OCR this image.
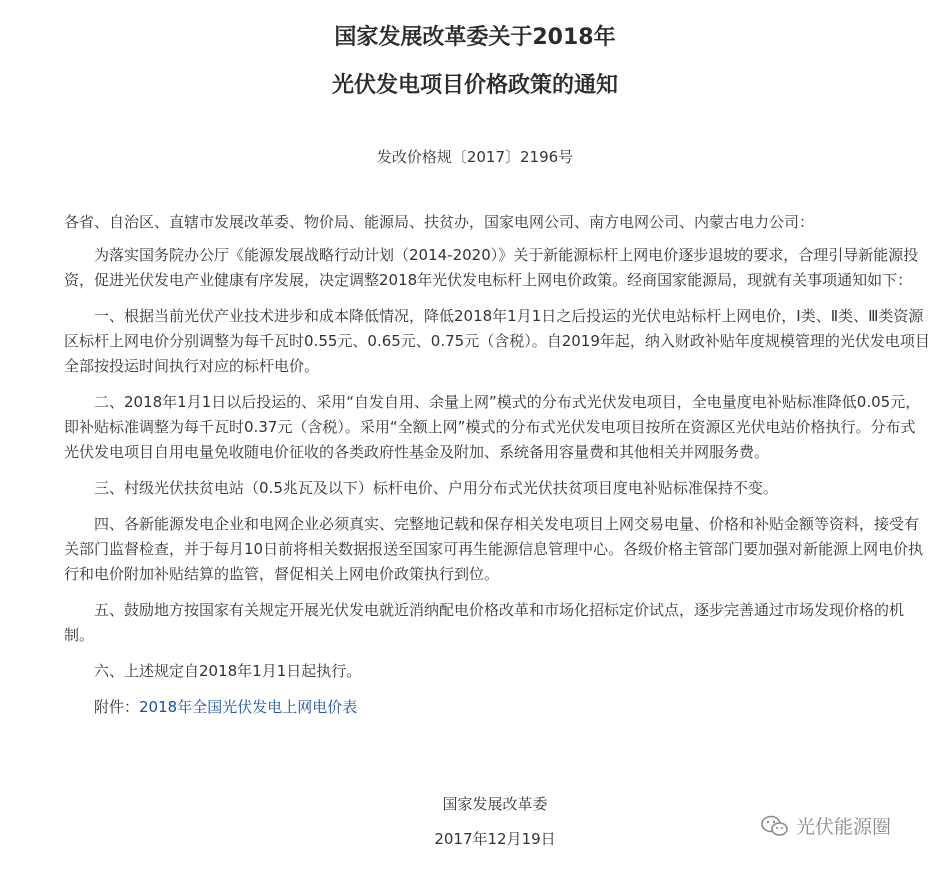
国家发展改革委关于2018年
光伏发电项目价格政策的通知
发改价格规〔2017〕2196号

各省、自治区、直辖市发展改革委、物价局、能源局、扶贫办，国家电网公司、南方电网公司、内蒙古电力公司：

为落实国务院办公厅《能源发展战略行动计划（2014-2020）》关于新能源标杆上网电价逐步退坡的要求，合理引导新能源投资，促进光伏发电产业健康有序发展，决定调整2018年光伏发电标杆上网电价政策。经商国家能源局，现就有关事项通知如下：

一、根据当前光伏产业技术进步和成本降低情况，降低2018年1月1日之后投运的光伏电站标杆上网电价，Ⅰ类、Ⅱ类、Ⅲ类资源区标杆上网电价分别调整为每千瓦时0.55元、0.65元、0.75元（含税）。自2019年起，纳入财政补贴年度规模管理的光伏发电项目全部按投运时间执行对应的标杆电价。

二、2018年1月1日以后投运的、采用“自发自用、余量上网”模式的分布式光伏发电项目，全电量度电补贴标准降低0.05元，即补贴标准调整为每千瓦时0.37元（含税）。采用“全额上网”模式的分布式光伏发电项目按所在资源区光伏电站价格执行。分布式光伏发电项目自用电量免收随电价征收的各类政府性基金及附加、系统备用容量费和其他相关并网服务费。

三、村级光伏扶贫电站（0.5兆瓦及以下）标杆电价、户用分布式光伏扶贫项目度电补贴标准保持不变。

四、各新能源发电企业和电网企业必须真实、完整地记载和保存相关发电项目上网交易电量、价格和补贴金额等资料，接受有关部门监督检查，并于每月10日前将相关数据报送至国家可再生能源信息管理中心。各级价格主管部门要加强对新能源上网电价执行和电价附加补贴结算的监管，督促相关上网电价政策执行到位。

五、鼓励地方按国家有关规定开展光伏发电就近消纳配电价格改革和市场化招标定价试点，逐步完善通过市场发现价格的机制。

六、上述规定自2018年1月1日起执行。

附件：2018年全国光伏发电上网电价表

国家发展改革委
2017年12月19日
光伏能源圈
